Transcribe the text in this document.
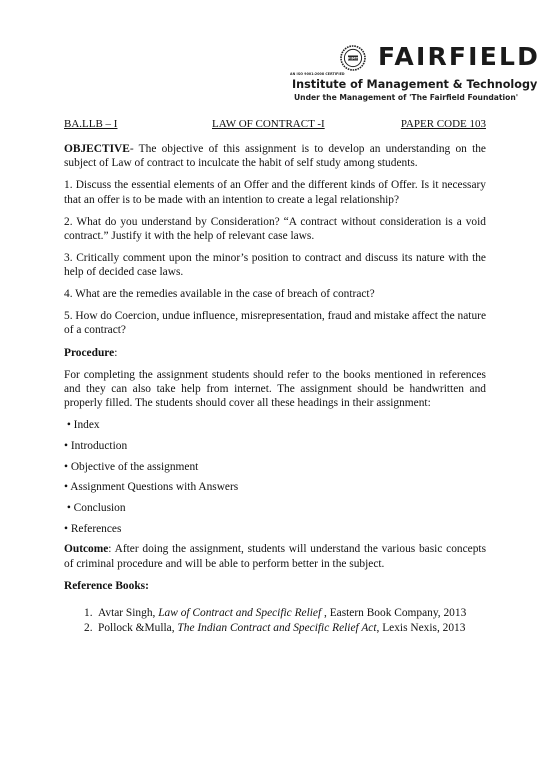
FIMT
AN ISO 9001:2008 CERTIFIED
FAIRFIELD
Institute of Management & Technology
Under the Management of 'The Fairfield Foundation'
BA.LLB – I	LAW OF CONTRACT -I	PAPER CODE 103

OBJECTIVE- The objective of this assignment is to develop an understanding on the subject of Law of contract to inculcate the habit of self study among students.

1. Discuss the essential elements of an Offer and the different kinds of Offer. Is it necessary that an offer is to be made with an intention to create a legal relationship?

2. What do you understand by Consideration? “A contract without consideration is a void contract.” Justify it with the help of relevant case laws.

3. Critically comment upon the minor’s position to contract and discuss its nature with the help of decided case laws.

4. What are the remedies available in the case of breach of contract?

5. How do Coercion, undue influence, misrepresentation, fraud and mistake affect the nature of a contract?

Procedure:

For completing the assignment students should refer to the books mentioned in references and they can also take help from internet. The assignment should be handwritten and properly filled. The students should cover all these headings in their assignment:

• Index

• Introduction

• Objective of the assignment

• Assignment Questions with Answers

• Conclusion

• References

Outcome: After doing the assignment, students will understand the various basic concepts of criminal procedure and will be able to perform better in the subject.

Reference Books:

1. Avtar Singh, Law of Contract and Specific Relief , Eastern Book Company, 2013
2. Pollock &Mulla, The Indian Contract and Specific Relief Act, Lexis Nexis, 2013
